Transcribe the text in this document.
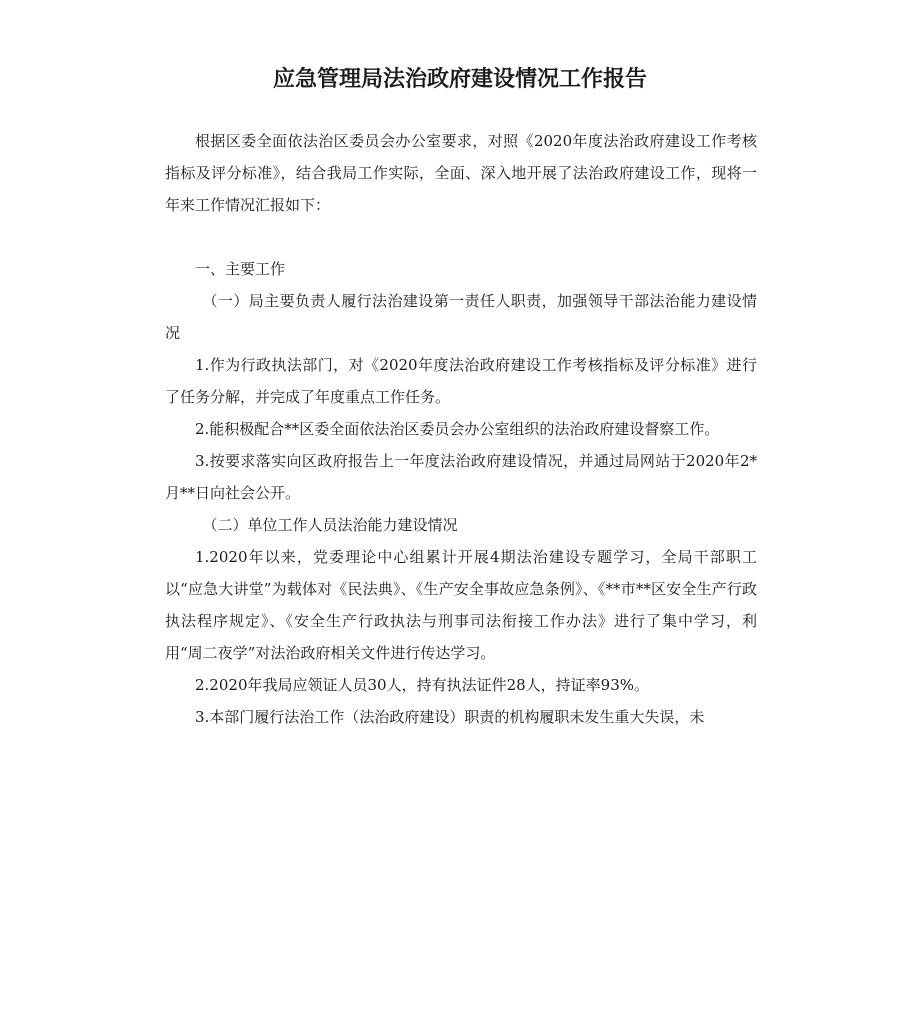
应急管理局法治政府建设情况工作报告

根据区委全面依法治区委员会办公室要求，对照《2020年度法治政府建设工作考核指标及评分标准》，结合我局工作实际，全面、深入地开展了法治政府建设工作，现将一年来工作情况汇报如下：

一、主要工作

（一）局主要负责人履行法治建设第一责任人职责，加强领导干部法治能力建设情况

1.作为行政执法部门，对《2020年度法治政府建设工作考核指标及评分标准》进行了任务分解，并完成了年度重点工作任务。

2.能积极配合**区委全面依法治区委员会办公室组织的法治政府建设督察工作。

3.按要求落实向区政府报告上一年度法治政府建设情况，并通过局网站于2020年2*月**日向社会公开。

（二）单位工作人员法治能力建设情况

1.2020年以来，党委理论中心组累计开展4期法治建设专题学习，全局干部职工以“应急大讲堂”为载体对《民法典》、《生产安全事故应急条例》、《**市**区安全生产行政执法程序规定》、《安全生产行政执法与刑事司法衔接工作办法》进行了集中学习，利用“周二夜学”对法治政府相关文件进行传达学习。

2.2020年我局应领证人员30人，持有执法证件28人，持证率93%。

3.本部门履行法治工作（法治政府建设）职责的机构履职未发生重大失误，未
